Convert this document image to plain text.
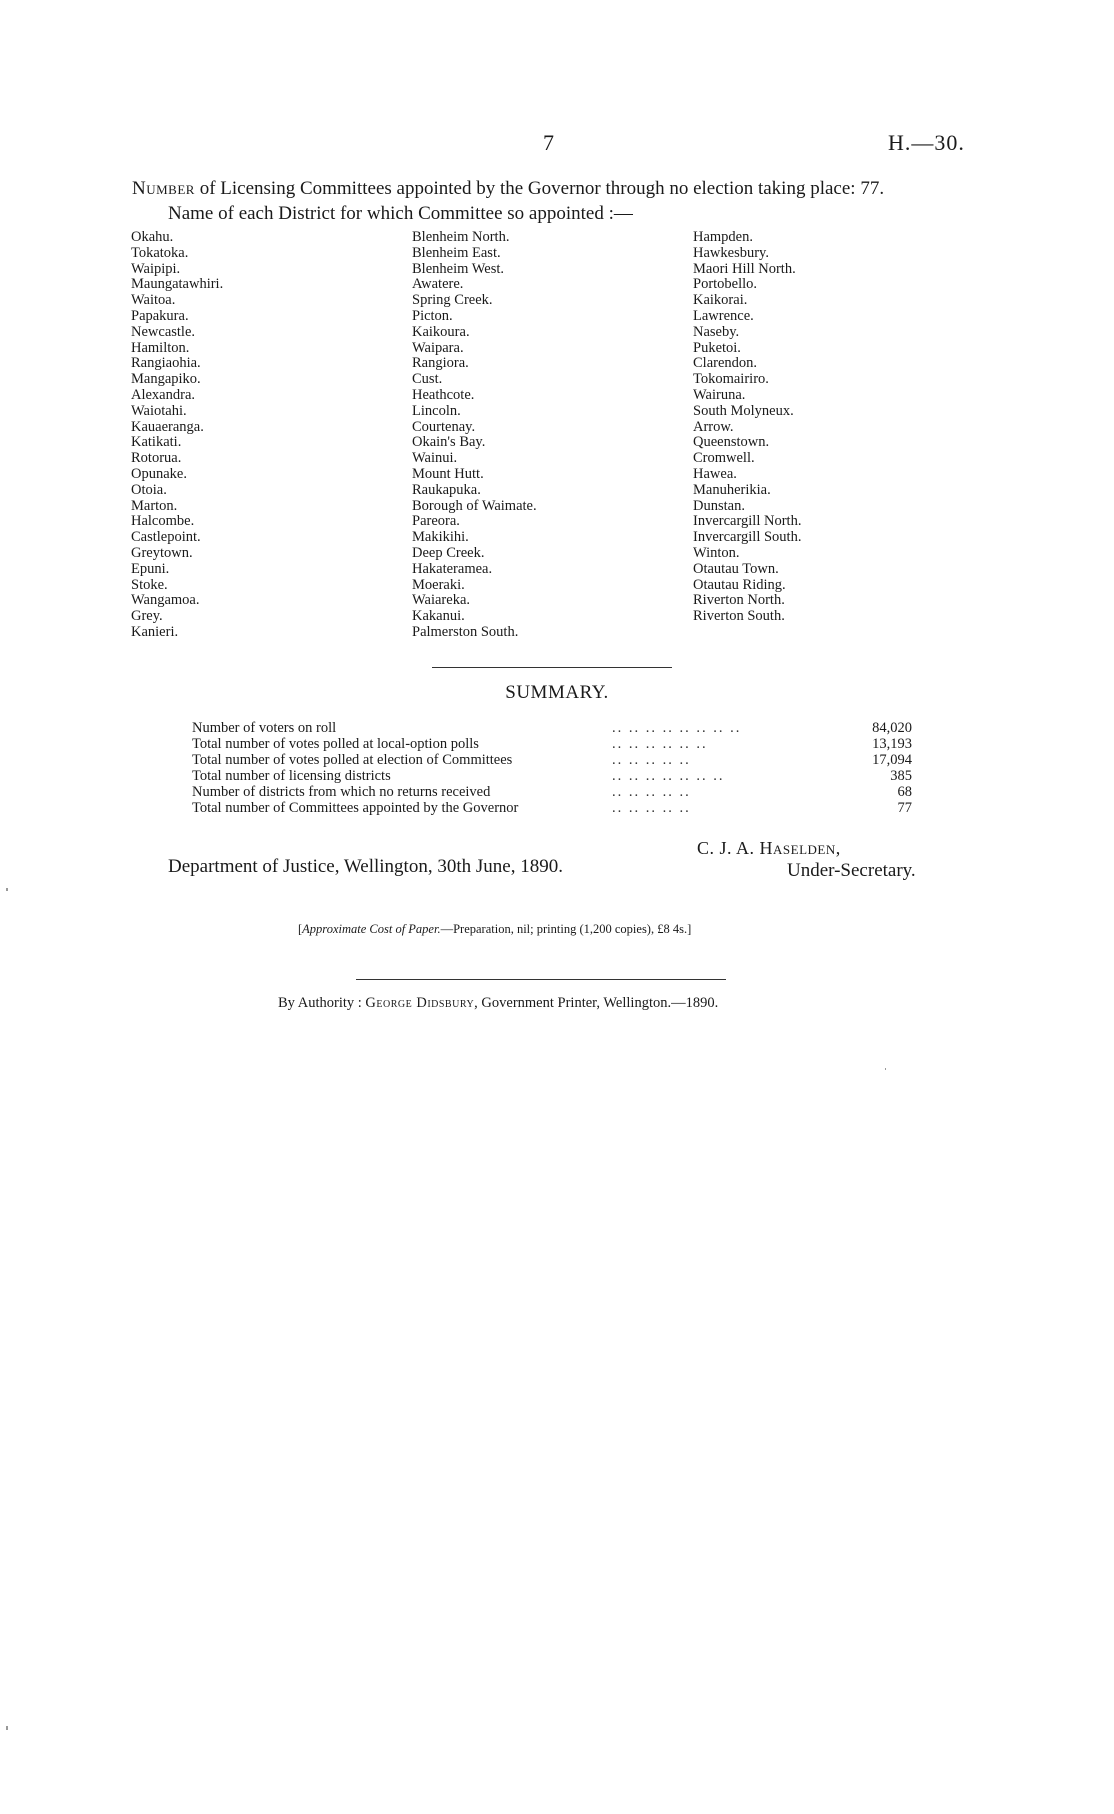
7	H.—30.
Number of Licensing Committees appointed by the Governor through no election taking place: 77.
Name of each District for which Committee so appointed :—
Okahu.
Tokatoka.
Waipipi.
Maungatawhiri.
Waitoa.
Papakura.
Newcastle.
Hamilton.
Rangiaohia.
Mangapiko.
Alexandra.
Waiotahi.
Kauaeranga.
Katikati.
Rotorua.
Opunake.
Otoia.
Marton.
Halcombe.
Castlepoint.
Greytown.
Epuni.
Stoke.
Wangamoa.
Grey.
Kanieri.
Blenheim North.
Blenheim East.
Blenheim West.
Awatere.
Spring Creek.
Picton.
Kaikoura.
Waipara.
Rangiora.
Cust.
Heathcote.
Lincoln.
Courtenay.
Okain's Bay.
Wainui.
Mount Hutt.
Raukapuka.
Borough of Waimate.
Pareora.
Makikihi.
Deep Creek.
Hakateramea.
Moeraki.
Waiareka.
Kakanui.
Palmerston South.
Hampden.
Hawkesbury.
Maori Hill North.
Portobello.
Kaikorai.
Lawrence.
Naseby.
Puketoi.
Clarendon.
Tokomairiro.
Wairuna.
South Molyneux.
Arrow.
Queenstown.
Cromwell.
Hawea.
Manuherikia.
Dunstan.
Invercargill North.
Invercargill South.
Winton.
Otautau Town.
Otautau Riding.
Riverton North.
Riverton South.
SUMMARY.
Number of voters on roll	.. .. .. .. .. .. .. ..	84,020
Total number of votes polled at local-option polls	.. .. .. .. .. ..	13,193
Total number of votes polled at election of Committees	.. .. .. .. ..	17,094
Total number of licensing districts	.. .. .. .. .. .. ..	385
Number of districts from which no returns received	.. .. .. .. ..	68
Total number of Committees appointed by the Governor	.. .. .. .. ..	77
Department of Justice, Wellington, 30th June, 1890.
C. J. A. Haselden,
Under-Secretary.
[Approximate Cost of Paper.—Preparation, nil; printing (1,200 copies), £8 4s.]
By Authority : George Didsbury, Government Printer, Wellington.—1890.
